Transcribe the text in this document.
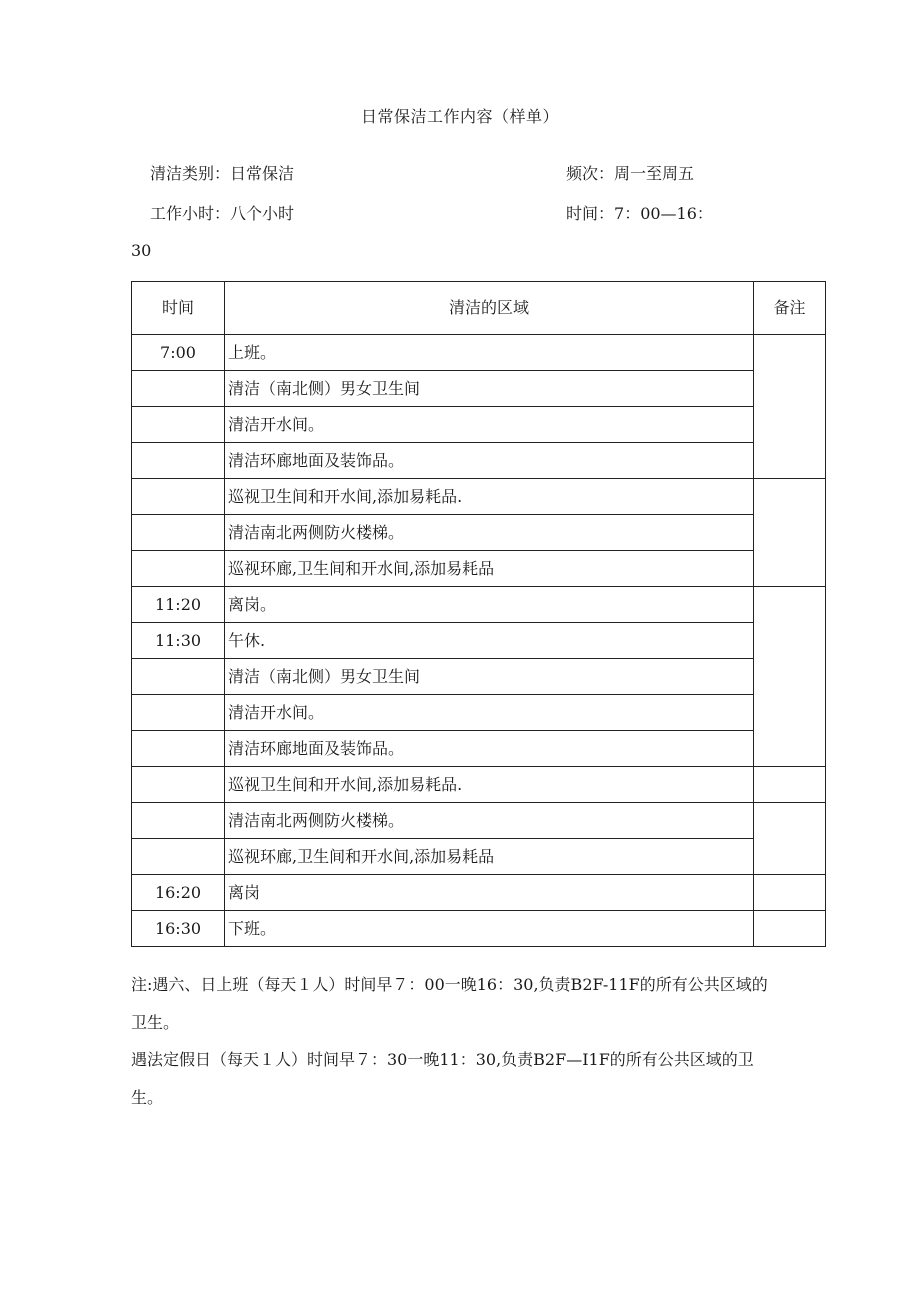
日常保洁工作内容（样单）
清洁类别：日常保洁	频次：周一至周五
工作小时：八个小时	时间：7：00—16：
30
时间	清洁的区域	备注
7:00	上班。	
	清洁（南北侧）男女卫生间	
	清洁开水间。	
	清洁环廊地面及装饰品。	
	巡视卫生间和开水间,添加易耗品.	
	清洁南北两侧防火楼梯。	
	巡视环廊,卫生间和开水间,添加易耗品	
11:20	离岗。	
11:30	午休.	
	清洁（南北侧）男女卫生间	
	清洁开水间。	
	清洁环廊地面及装饰品。	
	巡视卫生间和开水间,添加易耗品.	
	清洁南北两侧防火楼梯。	
	巡视环廊,卫生间和开水间,添加易耗品	
16:20	离岗	
16:30	下班。	
注:遇六、日上班（每天１人）时间早７：00一晚16：30,负责B2F-11F的所有公共区域的
卫生。
遇法定假日（每天１人）时间早７：30一晚11：30,负责B2F—I1F的所有公共区域的卫
生。
